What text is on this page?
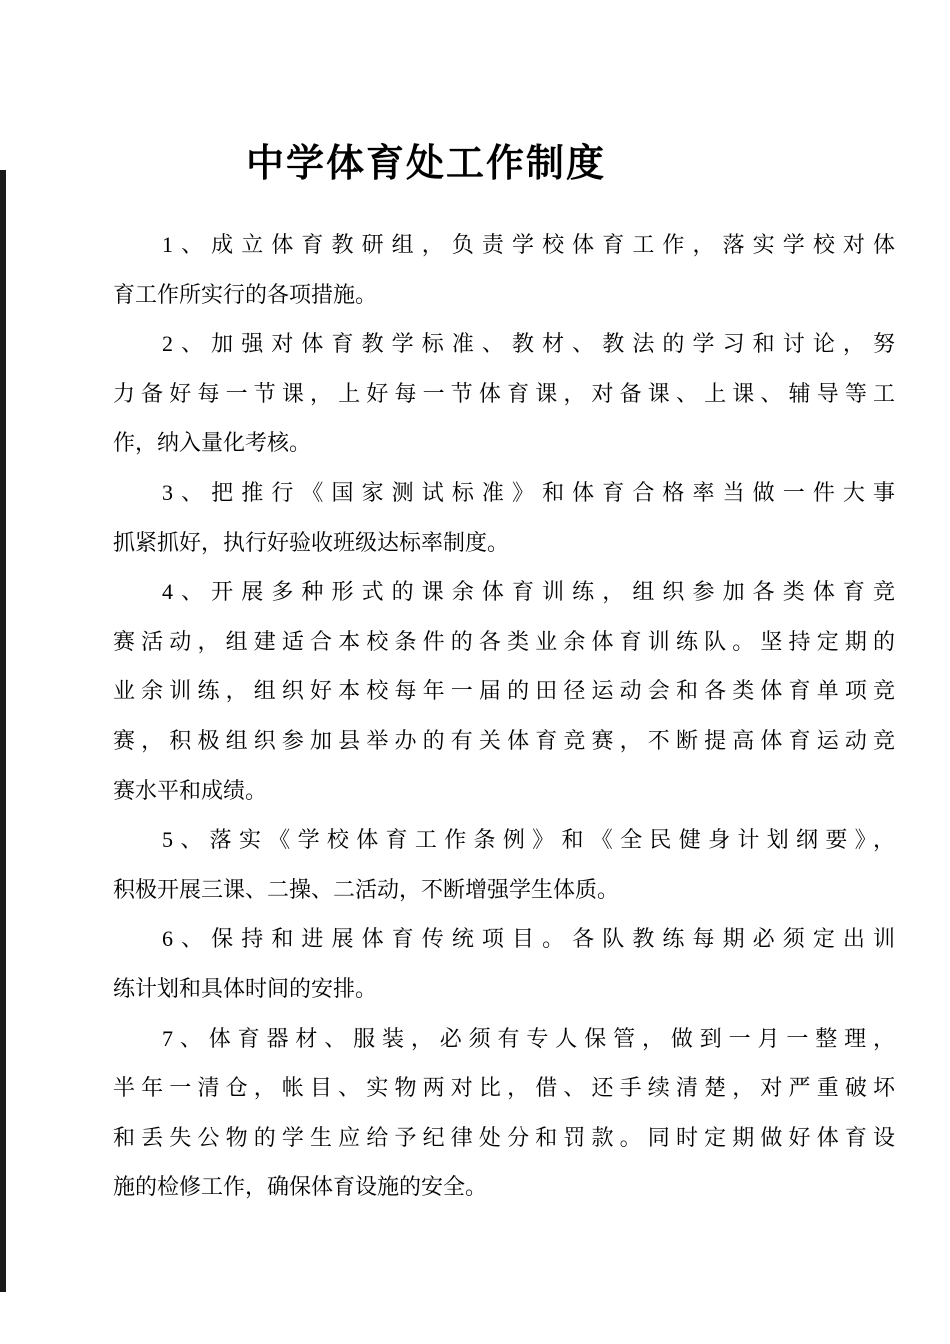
中学体育处工作制度
1、成立体育教研组，负责学校体育工作，落实学校对体
育工作所实行的各项措施。
2、加强对体育教学标准、教材、教法的学习和讨论，努
力备好每一节课，上好每一节体育课，对备课、上课、辅导等工
作，纳入量化考核。
3、把推行《国家测试标准》和体育合格率当做一件大事
抓紧抓好，执行好验收班级达标率制度。
4、开展多种形式的课余体育训练，组织参加各类体育竞
赛活动，组建适合本校条件的各类业余体育训练队。坚持定期的
业余训练，组织好本校每年一届的田径运动会和各类体育单项竞
赛，积极组织参加县举办的有关体育竞赛，不断提高体育运动竞
赛水平和成绩。
5、落实《学校体育工作条例》和《全民健身计划纲要》，
积极开展三课、二操、二活动，不断增强学生体质。
6、保持和进展体育传统项目。各队教练每期必须定出训
练计划和具体时间的安排。
7、体育器材、服装，必须有专人保管，做到一月一整理，
半年一清仓，帐目、实物两对比，借、还手续清楚，对严重破坏
和丢失公物的学生应给予纪律处分和罚款。同时定期做好体育设
施的检修工作，确保体育设施的安全。
